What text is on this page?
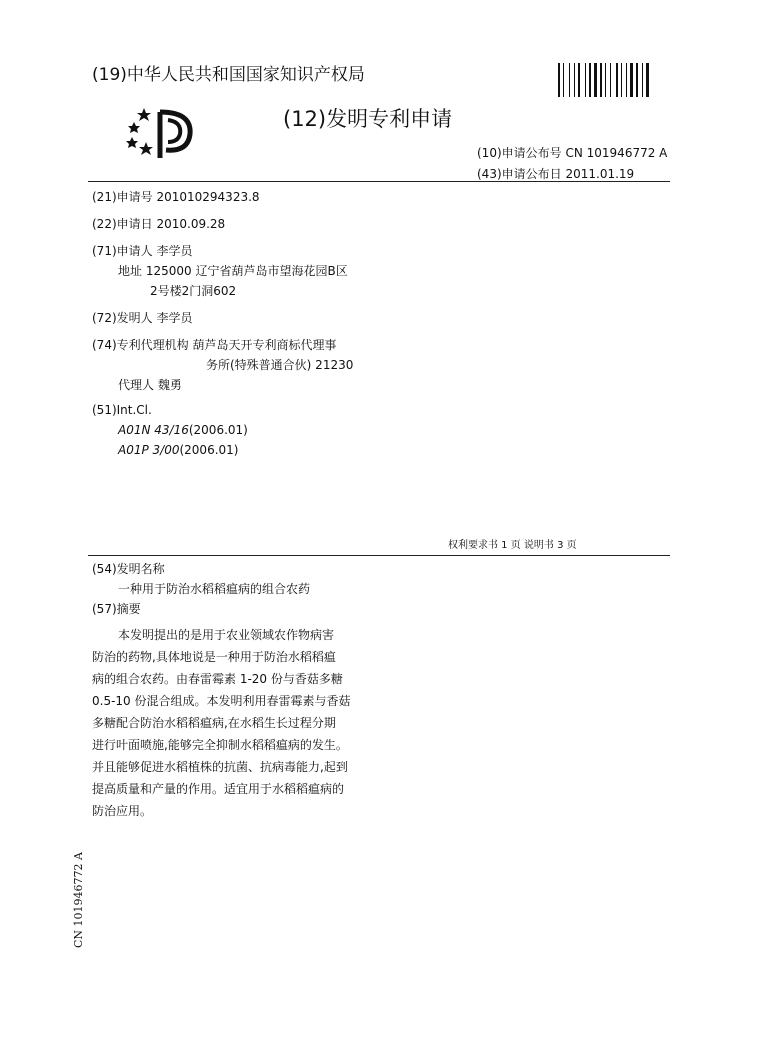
(19)中华人民共和国国家知识产权局
(12)发明专利申请
(10)申请公布号 CN 101946772 A
(43)申请公布日 2011.01.19
(21)申请号 201010294323.8
(22)申请日 2010.09.28
(71)申请人 李学员
地址 125000 辽宁省葫芦岛市望海花园B区
2号楼2门洞602
(72)发明人 李学员
(74)专利代理机构 葫芦岛天开专利商标代理事
务所(特殊普通合伙) 21230
代理人 魏勇
(51)Int.Cl.
A01N 43/16(2006.01)
A01P 3/00(2006.01)
权利要求书 1 页 说明书 3 页
(54)发明名称
一种用于防治水稻稻瘟病的组合农药
(57)摘要
本发明提出的是用于农业领域农作物病害
防治的药物,具体地说是一种用于防治水稻稻瘟
病的组合农药。由春雷霉素 1-20 份与香菇多糖
0.5-10 份混合组成。本发明利用春雷霉素与香菇
多糖配合防治水稻稻瘟病,在水稻生长过程分期
进行叶面喷施,能够完全抑制水稻稻瘟病的发生。
并且能够促进水稻植株的抗菌、抗病毒能力,起到
提高质量和产量的作用。适宜用于水稻稻瘟病的
防治应用。
CN 101946772 A
